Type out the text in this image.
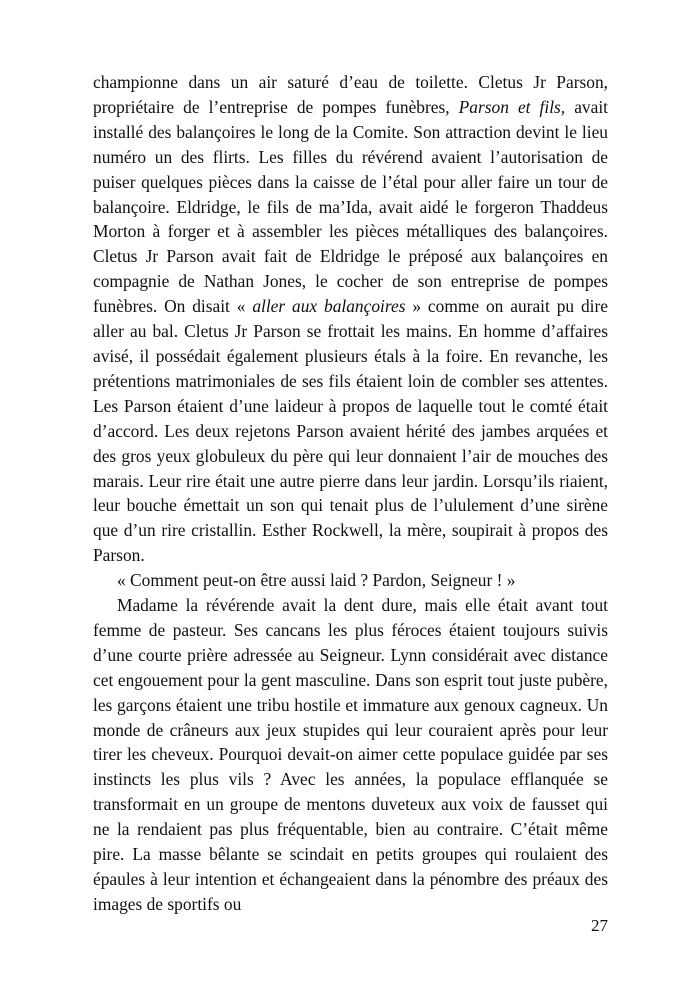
championne dans un air saturé d’eau de toilette. Cletus Jr Parson, propriétaire de l’entreprise de pompes funèbres, Parson et fils, avait installé des balançoires le long de la Comite. Son attraction devint le lieu numéro un des flirts. Les filles du révérend avaient l’autorisation de puiser quelques pièces dans la caisse de l’étal pour aller faire un tour de balançoire. Eldridge, le fils de ma’Ida, avait aidé le forgeron Thaddeus Morton à forger et à assembler les pièces métalliques des balançoires. Cletus Jr Parson avait fait de Eldridge le préposé aux balançoires en compagnie de Nathan Jones, le cocher de son entreprise de pompes funèbres. On disait « aller aux balançoires » comme on aurait pu dire aller au bal. Cletus Jr Parson se frottait les mains. En homme d’affaires avisé, il possédait également plusieurs étals à la foire. En revanche, les prétentions matrimoniales de ses fils étaient loin de combler ses attentes. Les Parson étaient d’une laideur à propos de laquelle tout le comté était d’accord. Les deux rejetons Parson avaient hérité des jambes arquées et des gros yeux globuleux du père qui leur donnaient l’air de mouches des marais. Leur rire était une autre pierre dans leur jardin. Lorsqu’ils riaient, leur bouche émettait un son qui tenait plus de l’ululement d’une sirène que d’un rire cristallin. Esther Rockwell, la mère, soupirait à propos des Parson.

« Comment peut-on être aussi laid ? Pardon, Seigneur ! »

Madame la révérende avait la dent dure, mais elle était avant tout femme de pasteur. Ses cancans les plus féroces étaient toujours suivis d’une courte prière adressée au Seigneur. Lynn considérait avec distance cet engouement pour la gent masculine. Dans son esprit tout juste pubère, les garçons étaient une tribu hostile et immature aux genoux cagneux. Un monde de crâneurs aux jeux stupides qui leur couraient après pour leur tirer les cheveux. Pourquoi devait-on aimer cette populace guidée par ses instincts les plus vils ? Avec les années, la populace efflanquée se transformait en un groupe de mentons duveteux aux voix de fausset qui ne la rendaient pas plus fréquentable, bien au contraire. C’était même pire. La masse bêlante se scindait en petits groupes qui roulaient des épaules à leur intention et échangeaient dans la pénombre des préaux des images de sportifs ou

27
